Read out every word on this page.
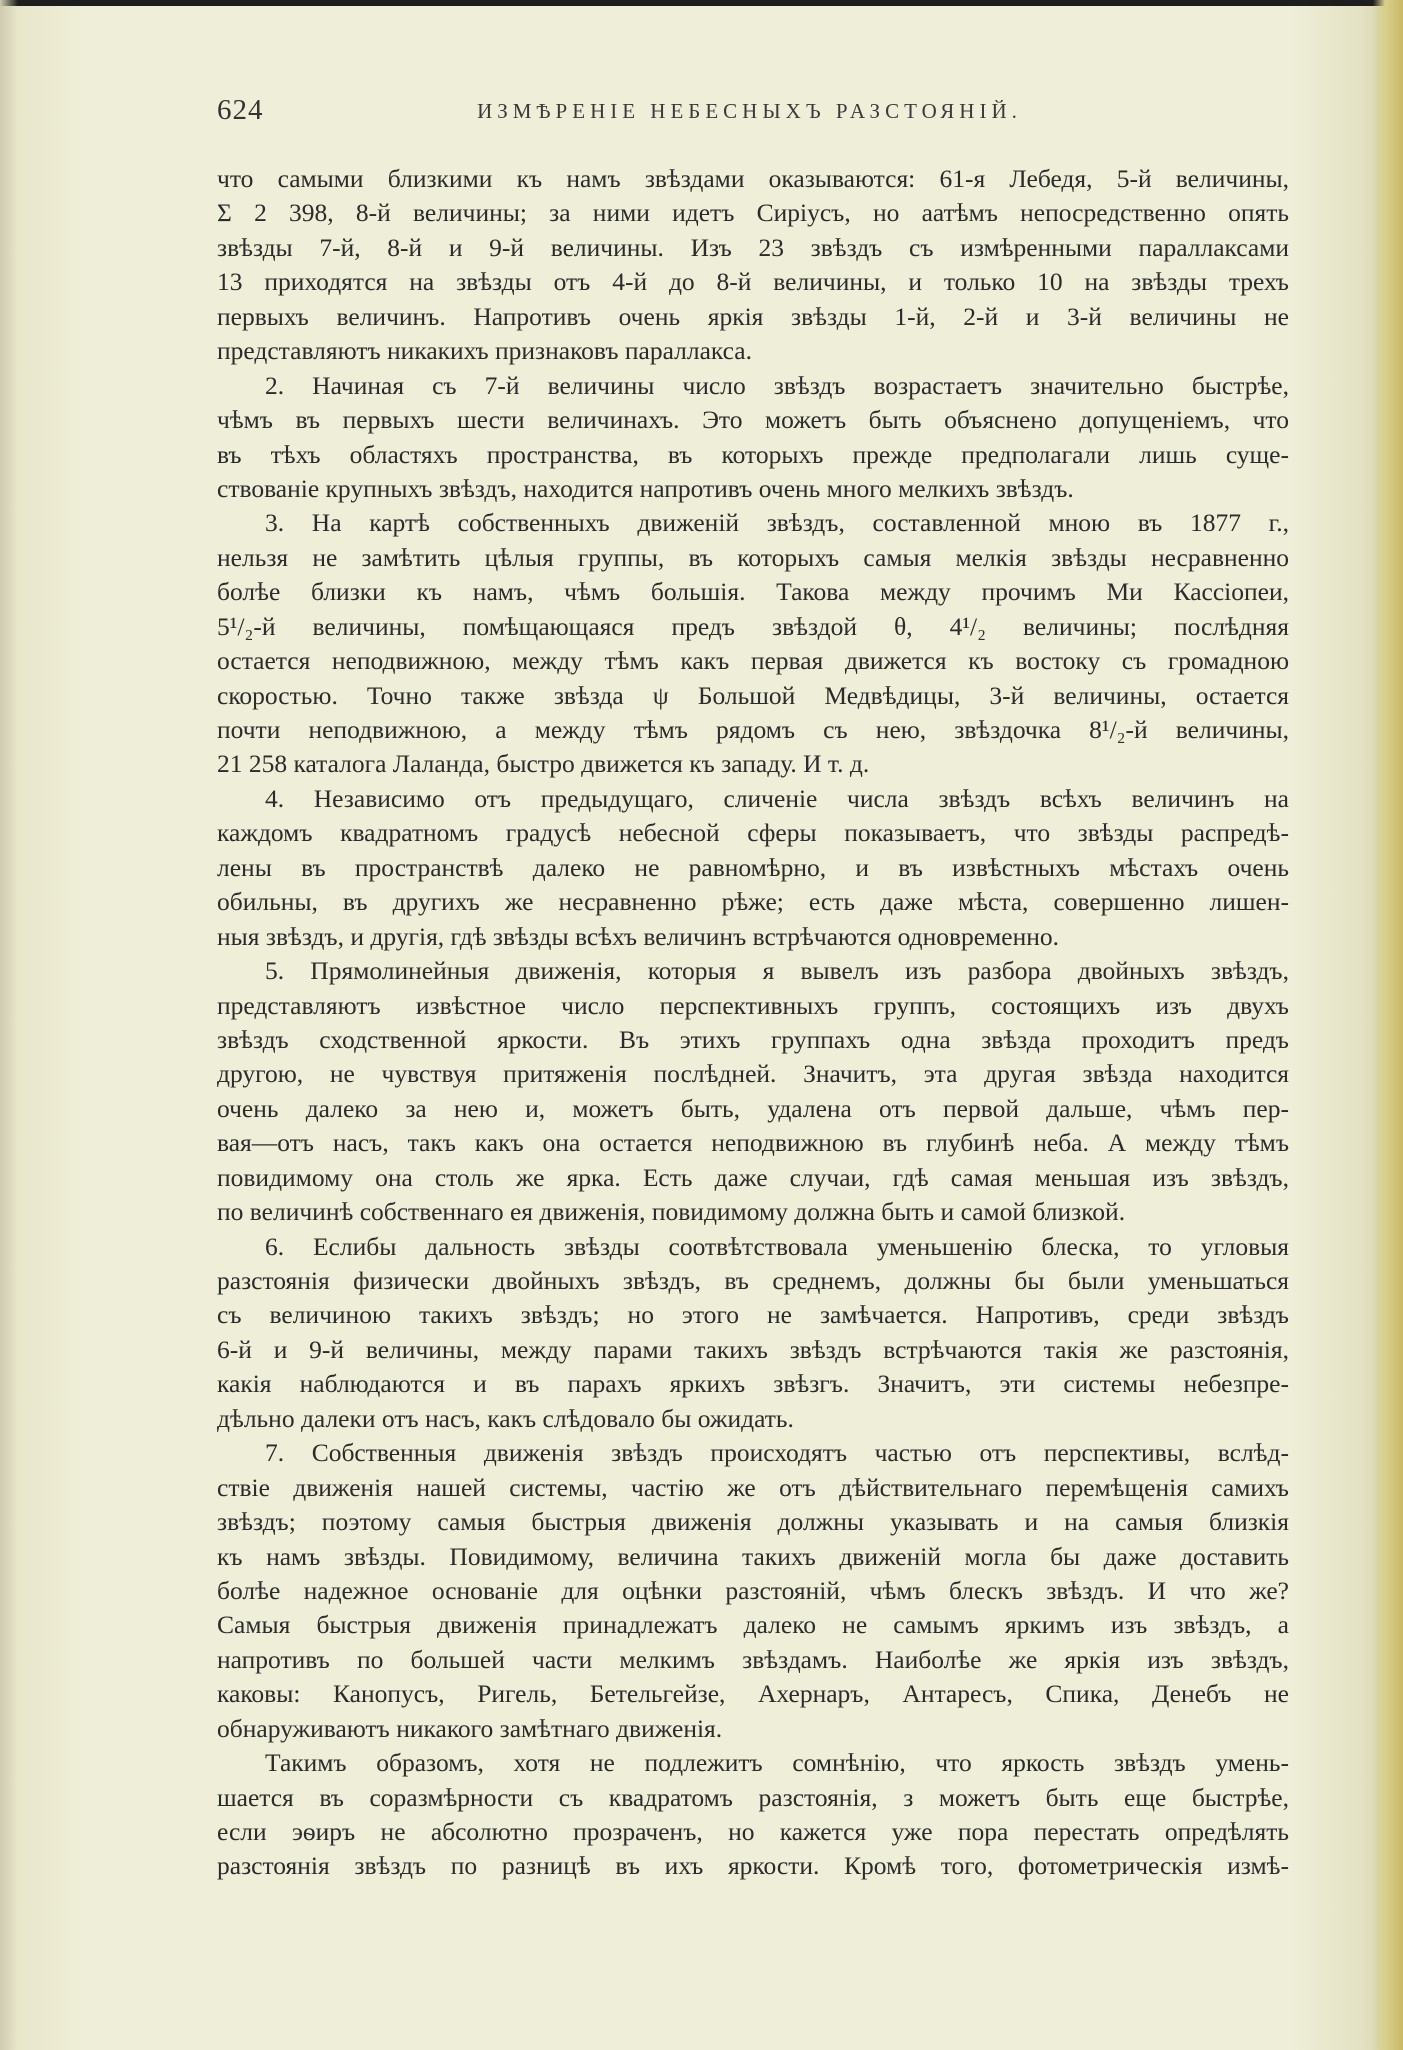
624	ИЗМѢРЕНІЕ НЕБЕСНЫХЪ РАЗСТОЯНІЙ.
что самыми близкими къ намъ звѣздами оказываются: 61-я Лебедя, 5-й величины,
Σ 2 398, 8-й величины; за ними идетъ Сиріусъ, но аатѣмъ непосредственно опять
звѣзды 7-й, 8-й и 9-й величины. Изъ 23 звѣздъ съ измѣренными параллаксами
13 приходятся на звѣзды отъ 4-й до 8-й величины, и только 10 на звѣзды трехъ
первыхъ величинъ. Напротивъ очень яркія звѣзды 1-й, 2-й и 3-й величины не
представляютъ никакихъ признаковъ параллакса.
2. Начиная съ 7-й величины число звѣздъ возрастаетъ значительно быстрѣе,
чѣмъ въ первыхъ шести величинахъ. Это можетъ быть объяснено допущеніемъ, что
въ тѣхъ областяхъ пространства, въ которыхъ прежде предполагали лишь суще-
ствованіе крупныхъ звѣздъ, находится напротивъ очень много мелкихъ звѣздъ.
3. На картѣ собственныхъ движеній звѣздъ, составленной мною въ 1877 г.,
нельзя не замѣтить цѣлыя группы, въ которыхъ самыя мелкія звѣзды несравненно
болѣе близки къ намъ, чѣмъ большія. Такова между прочимъ Ми Кассіопеи,
5¹/₂-й величины, помѣщающаяся предъ звѣздой θ, 4¹/₂ величины; послѣдняя
остается неподвижною, между тѣмъ какъ первая движется къ востоку съ громадною
скоростью. Точно также звѣзда ψ Большой Медвѣдицы, 3-й величины, остается
почти неподвижною, а между тѣмъ рядомъ съ нею, звѣздочка 8¹/₂-й величины,
21 258 каталога Лаланда, быстро движется къ западу. И т. д.
4. Независимо отъ предыдущаго, сличеніе числа звѣздъ всѣхъ величинъ на
каждомъ квадратномъ градусѣ небесной сферы показываетъ, что звѣзды распредѣ-
лены въ пространствѣ далеко не равномѣрно, и въ извѣстныхъ мѣстахъ очень
обильны, въ другихъ же несравненно рѣже; есть даже мѣста, совершенно лишен-
ныя звѣздъ, и другія, гдѣ звѣзды всѣхъ величинъ встрѣчаются одновременно.
5. Прямолинейныя движенія, которыя я вывелъ изъ разбора двойныхъ звѣздъ,
представляютъ извѣстное число перспективныхъ группъ, состоящихъ изъ двухъ
звѣздъ сходственной яркости. Въ этихъ группахъ одна звѣзда проходитъ предъ
другою, не чувствуя притяженія послѣдней. Значитъ, эта другая звѣзда находится
очень далеко за нею и, можетъ быть, удалена отъ первой дальше, чѣмъ пер-
вая—отъ насъ, такъ какъ она остается неподвижною въ глубинѣ неба. А между тѣмъ
повидимому она столь же ярка. Есть даже случаи, гдѣ самая меньшая изъ звѣздъ,
по величинѣ собственнаго ея движенія, повидимому должна быть и самой близкой.
6. Еслибы дальность звѣзды соотвѣтствовала уменьшенію блеска, то угловыя
разстоянія физически двойныхъ звѣздъ, въ среднемъ, должны бы были уменьшаться
съ величиною такихъ звѣздъ; но этого не замѣчается. Напротивъ, среди звѣздъ
6-й и 9-й величины, между парами такихъ звѣздъ встрѣчаются такія же разстоянія,
какія наблюдаются и въ парахъ яркихъ звѣзгъ. Значитъ, эти системы небезпре-
дѣльно далеки отъ насъ, какъ слѣдовало бы ожидать.
7. Собственныя движенія звѣздъ происходятъ частью отъ перспективы, вслѣд-
ствіе движенія нашей системы, частію же отъ дѣйствительнаго перемѣщенія самихъ
звѣздъ; поэтому самыя быстрыя движенія должны указывать и на самыя близкія
къ намъ звѣзды. Повидимому, величина такихъ движеній могла бы даже доставить
болѣе надежное основаніе для оцѣнки разстояній, чѣмъ блескъ звѣздъ. И что же?
Самыя быстрыя движенія принадлежатъ далеко не самымъ яркимъ изъ звѣздъ, а
напротивъ по большей части мелкимъ звѣздамъ. Наиболѣе же яркія изъ звѣздъ,
каковы: Канопусъ, Ригель, Бетельгейзе, Ахернаръ, Антаресъ, Спика, Денебъ не
обнаруживаютъ никакого замѣтнаго движенія.
Такимъ образомъ, хотя не подлежитъ сомнѣнію, что яркость звѣздъ умень-
шается въ соразмѣрности съ квадратомъ разстоянія, з можетъ быть еще быстрѣе,
если эѳиръ не абсолютно прозраченъ, но кажется уже пора перестать опредѣлять
разстоянія звѣздъ по разницѣ въ ихъ яркости. Кромѣ того, фотометрическія измѣ-
